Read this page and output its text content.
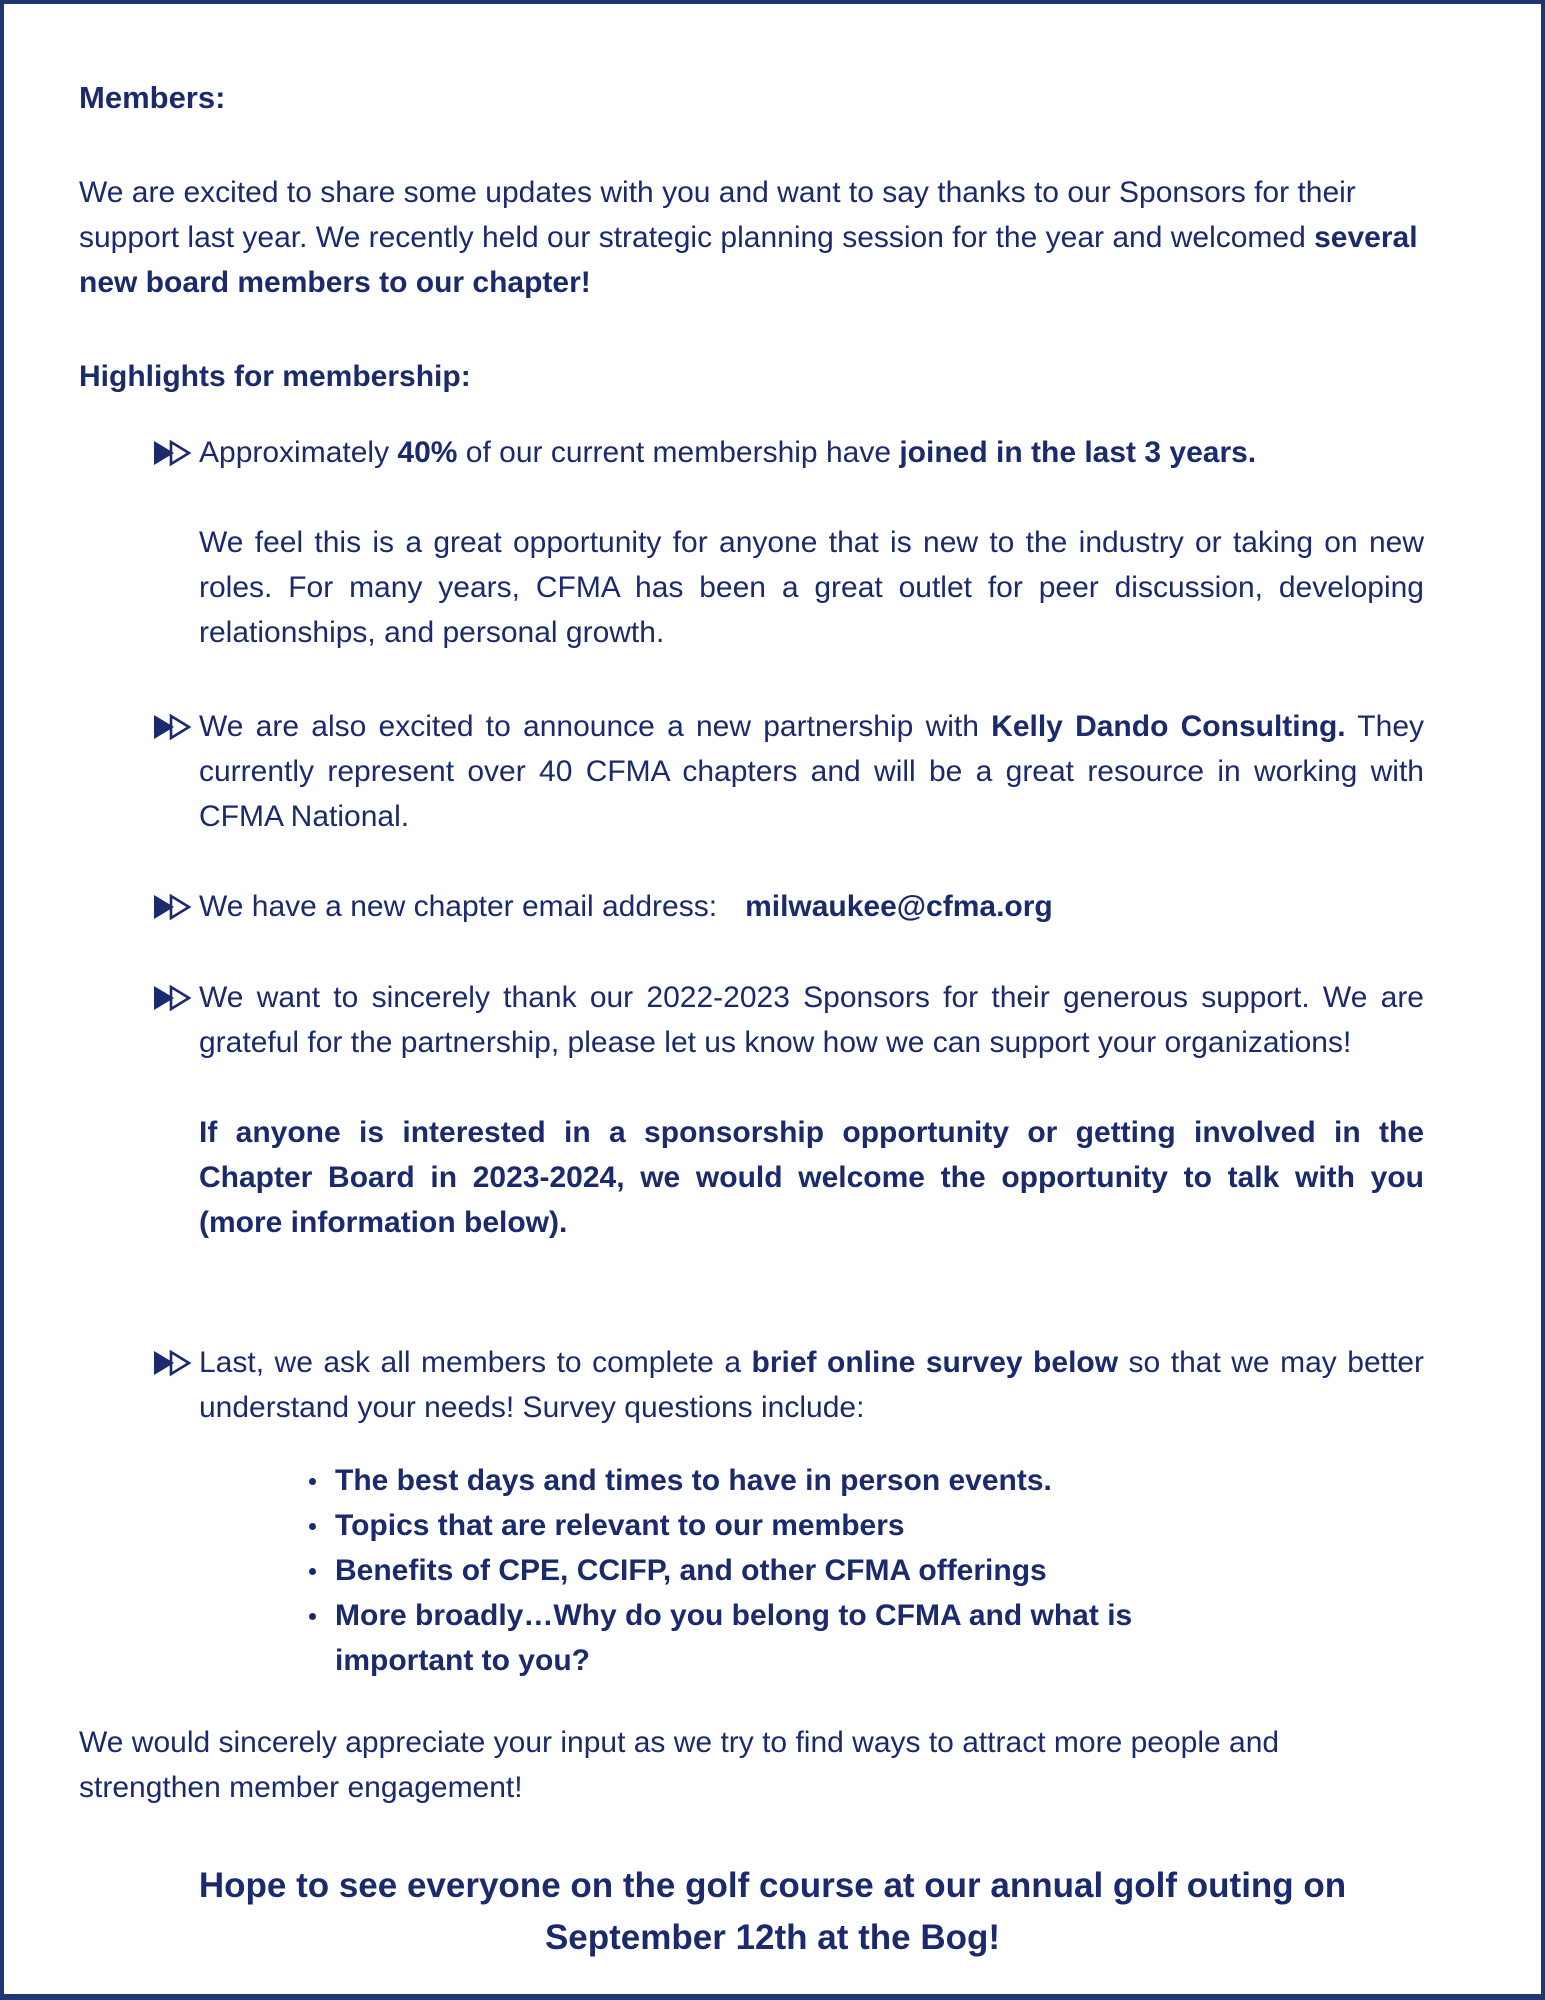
Members:
We are excited to share some updates with you and want to say thanks to our Sponsors for their support last year. We recently held our strategic planning session for the year and welcomed several new board members to our chapter!
Highlights for membership:

Approximately 40% of our current membership have joined in the last 3 years.

We feel this is a great opportunity for anyone that is new to the industry or taking on new roles. For many years, CFMA has been a great outlet for peer discussion, developing relationships, and personal growth.

We are also excited to announce a new partnership with Kelly Dando Consulting. They currently represent over 40 CFMA chapters and will be a great resource in working with CFMA National.

We have a new chapter email address: milwaukee@cfma.org

We want to sincerely thank our 2022-2023 Sponsors for their generous support. We are grateful for the partnership, please let us know how we can support your organizations!

If anyone is interested in a sponsorship opportunity or getting involved in the Chapter Board in 2023-2024, we would welcome the opportunity to talk with you (more information below).

Last, we ask all members to complete a brief online survey below so that we may better understand your needs! Survey questions include:

The best days and times to have in person events.
Topics that are relevant to our members
Benefits of CPE, CCIFP, and other CFMA offerings
More broadly…Why do you belong to CFMA and what is important to you?
We would sincerely appreciate your input as we try to find ways to attract more people and strengthen member engagement!
Hope to see everyone on the golf course at our annual golf outing on September 12th at the Bog!
